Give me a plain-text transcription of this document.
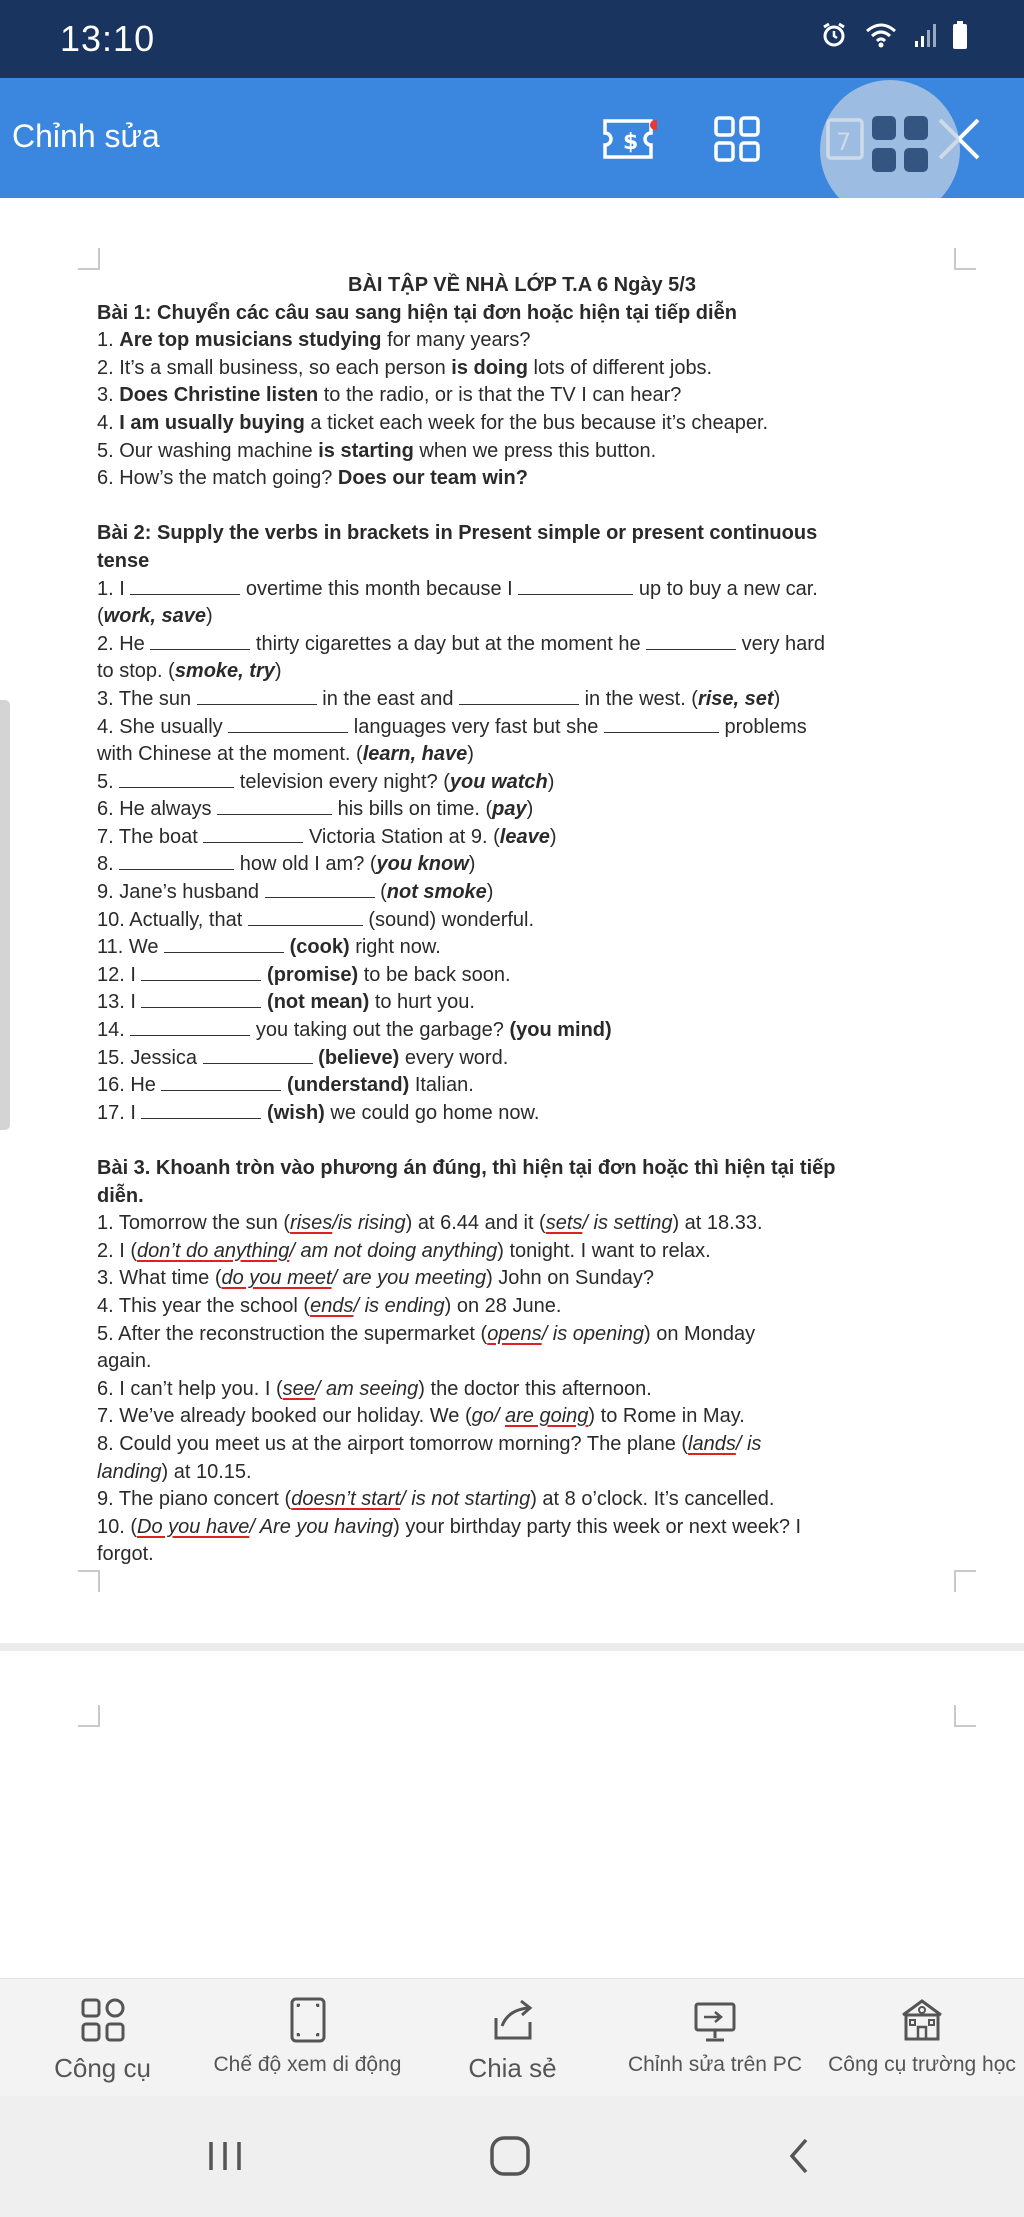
13:10
Chỉnh sửa	$
BÀI TẬP VỀ NHÀ LỚP T.A 6 Ngày 5/3
Bài 1: Chuyển các câu sau sang hiện tại đơn hoặc hiện tại tiếp diễn
1. Are top musicians studying for many years?
2. It’s a small business, so each person is doing lots of different jobs.
3. Does Christine listen to the radio, or is that the TV I can hear?
4. I am usually buying a ticket each week for the bus because it’s cheaper.
5. Our washing machine is starting when we press this button.
6. How’s the match going? Does our team win?
Bài 2: Supply the verbs in brackets in Present simple or present continuous
tense
1. I	overtime this month because I	up to buy a new car.
(work, save)
2. He	thirty cigarettes a day but at the moment he	very hard
to stop. (smoke, try)
3. The sun	in the east and	in the west. (rise, set)
4. She usually	languages very fast but she	problems
with Chinese at the moment. (learn, have)
5.	television every night? (you watch)
6. He always	his bills on time. (pay)
7. The boat	Victoria Station at 9. (leave)
8.	how old I am? (you know)
9. Jane’s husband	(not smoke)
10. Actually, that	(sound) wonderful.
11. We	(cook) right now.
12. I	(promise) to be back soon.
13. I	(not mean) to hurt you.
14.	you taking out the garbage? (you mind)
15. Jessica	(believe) every word.
16. He	(understand) Italian.
17. I	(wish) we could go home now.
Bài 3. Khoanh tròn vào phương án đúng, thì hiện tại đơn hoặc thì hiện tại tiếp
diễn.
1. Tomorrow the sun (rises/is rising) at 6.44 and it (sets/ is setting) at 18.33.
2. I (don’t do anything/ am not doing anything) tonight. I want to relax.
3. What time (do you meet/ are you meeting) John on Sunday?
4. This year the school (ends/ is ending) on 28 June.
5. After the reconstruction the supermarket (opens/ is opening) on Monday
again.
6. I can’t help you. I (see/ am seeing) the doctor this afternoon.
7. We’ve already booked our holiday. We (go/ are going) to Rome in May.
8. Could you meet us at the airport tomorrow morning? The plane (lands/ is
landing) at 10.15.
9. The piano concert (doesn’t start/ is not starting) at 8 o’clock. It’s cancelled.
10. (Do you have/ Are you having) your birthday party this week or next week? I
forgot.
Công cụ	Chế độ xem di động	Chia sẻ	Chỉnh sửa trên PC Công cụ trường học
